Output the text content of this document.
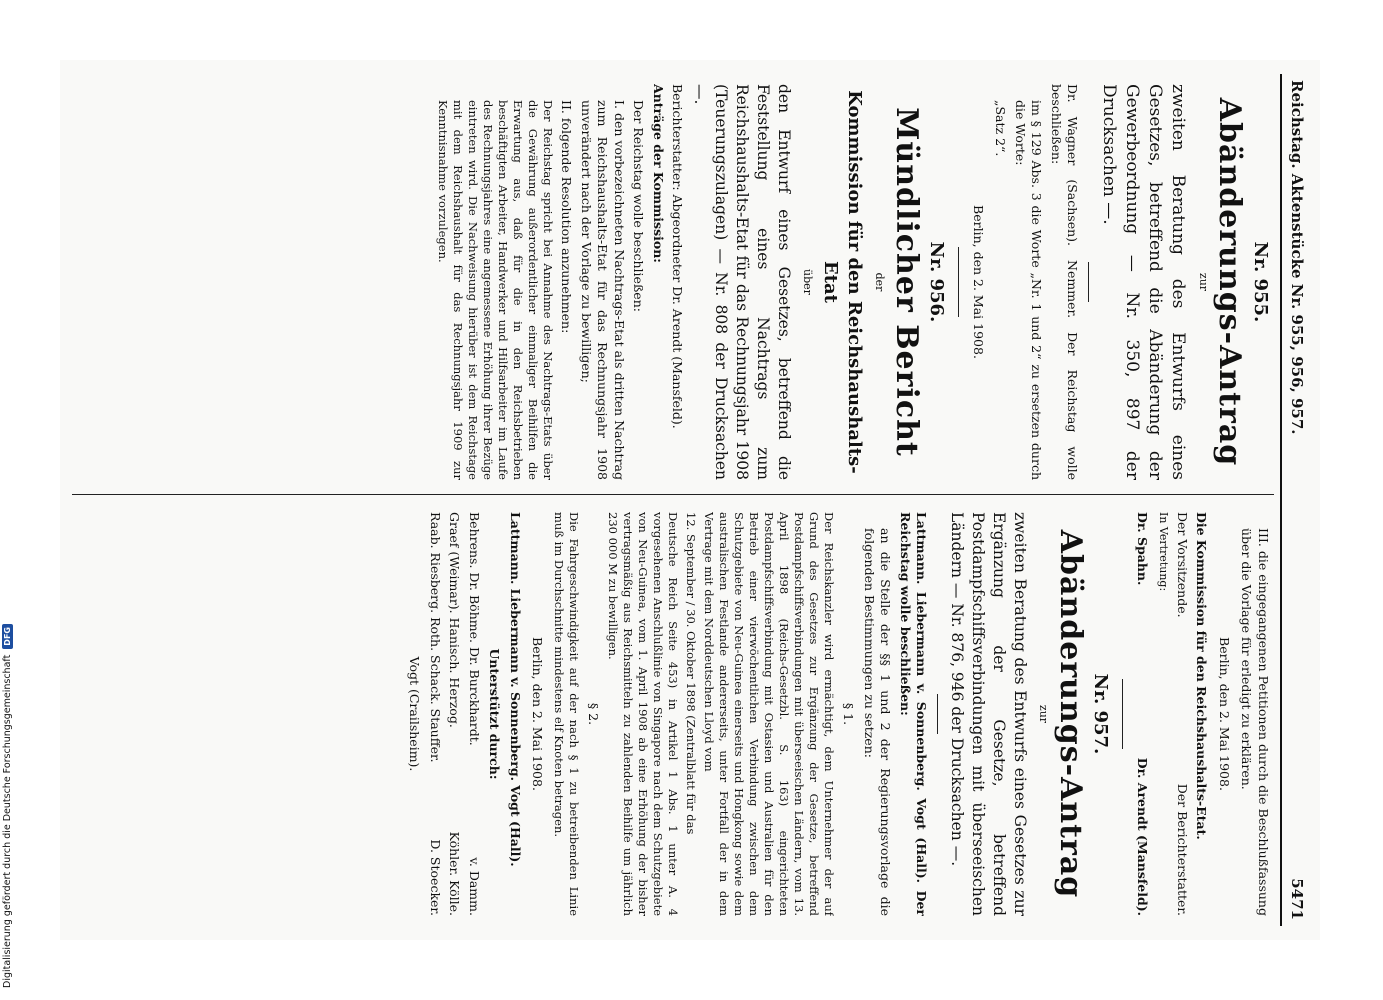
Reichstag. Aktenstücke Nr. 955, 956, 957.
5471
Nr. 955.
Abänderungs-Antrag
zur
zweiten Beratung des Entwurfs eines Gesetzes, betreffend die Abänderung der Gewerbeordnung — Nr. 350, 897 der Drucksachen —.

Dr. Wagner (Sachsen). Nemmer. Der Reichstag wolle beschließen:

im § 129 Abs. 3 die Worte „Nr. 1 und 2“ zu ersetzen durch die Worte:

„Satz 2“.

Berlin, den 2. Mai 1908.
Nr. 956.
Mündlicher Bericht
der
Kommission für den Reichshaushalts-Etat
über
den Entwurf eines Gesetzes, betreffend die Feststellung eines Nachtrags zum Reichshaushalts-Etat für das Rechnungsjahr 1908 (Teuerungszulagen) — Nr. 808 der Drucksachen —.

Berichterstatter: Abgeordneter Dr. Arendt (Mansfeld).

Anträge der Kommission:

Der Reichstag wolle beschließen:

I. den vorbezeichneten Nachtrags-Etat als dritten Nachtrag zum Reichshaushalts-Etat für das Rechnungsjahr 1908 unverändert nach der Vorlage zu bewilligen;

II. folgende Resolution anzunehmen:

Der Reichstag spricht bei Annahme des Nachtrags-Etats über die Gewährung außerordentlicher einmaliger Beihilfen die Erwartung aus, daß für die in den Reichsbetrieben beschäftigten Arbeiter, Handwerker und Hilfsarbeiter im Laufe des Rechnungsjahres eine angemessene Erhöhung ihrer Bezüge eintreten wird. Die Nachweisung hierüber ist dem Reichstage mit dem Reichshaushalt für das Rechnungsjahr 1909 zur Kenntnisnahme vorzulegen.

III. die eingegangenen Petitionen durch die Beschlußfassung über die Vorlage für erledigt zu erklären.

Berlin, den 2. Mai 1908.

Die Kommission für den Reichshaushalts-Etat.

Der Vorsitzende.
Der Berichterstatter.
In Vertretung:
Dr. Spahn.
Dr. Arendt (Mansfeld).
Nr. 957.
Abänderungs-Antrag
zur
zweiten Beratung des Entwurfs eines Gesetzes zur Ergänzung der Gesetze, betreffend Postdampfschiffsverbindungen mit überseeischen Ländern — Nr. 876, 946 der Drucksachen —.

Lattmann. Liebermann v. Sonnenberg. Vogt (Hall). Der Reichstag wolle beschließen:

an die Stelle der §§ 1 und 2 der Regierungsvorlage die folgenden Bestimmungen zu setzen:

§ 1.

Der Reichskanzler wird ermächtigt, dem Unternehmer der auf Grund des Gesetzes zur Ergänzung der Gesetze, betreffend Postdampfschiffsverbindungen mit überseeischen Ländern, vom 13. April 1898 (Reichs-Gesetzbl. S. 163) eingerichteten Postdampfschiffsverbindung mit Ostasien und Australien für den Betrieb einer vierwöchentlichen Verbindung zwischen dem Schutzgebiete von Neu-Guinea einerseits und Hongkong sowie dem australischen Festlande andererseits, unter Fortfall der in dem Vertrage mit dem Norddeutschen Lloyd vom

12. September / 30. Oktober 1898 (Zentralblatt für das

Deutsche Reich Seite 453) in Artikel 1 Abs. 1 unter A. 4 vorgesehenen Anschlußlinie von Singapore nach dem Schutzgebiete von Neu-Guinea, vom 1. April 1908 ab eine Erhöhung der bisher vertragsmäßig aus Reichsmitteln zu zahlenden Beihilfe um jährlich 230 000 M zu bewilligen.

§ 2.

Die Fahrgeschwindigkeit auf der nach § 1 zu betreibenden Linie muß im Durchschnitte mindestens elf Knoten betragen.

Berlin, den 2. Mai 1908.

Lattmann. Liebermann v. Sonnenberg. Vogt (Hall).

Unterstützt durch:
Behrens. Dr. Böhme. Dr. Burckhardt.
v. Damm.
Graef (Weimar). Hanisch. Herzog.
Köhler. Kölle.
Raab. Riesberg. Roth. Schack. Stauffer.
D. Stoecker.
Vogt (Crailsheim).
Digitalisierung gefördert durch die Deutsche Forschungsgemeinschaft
DFG
